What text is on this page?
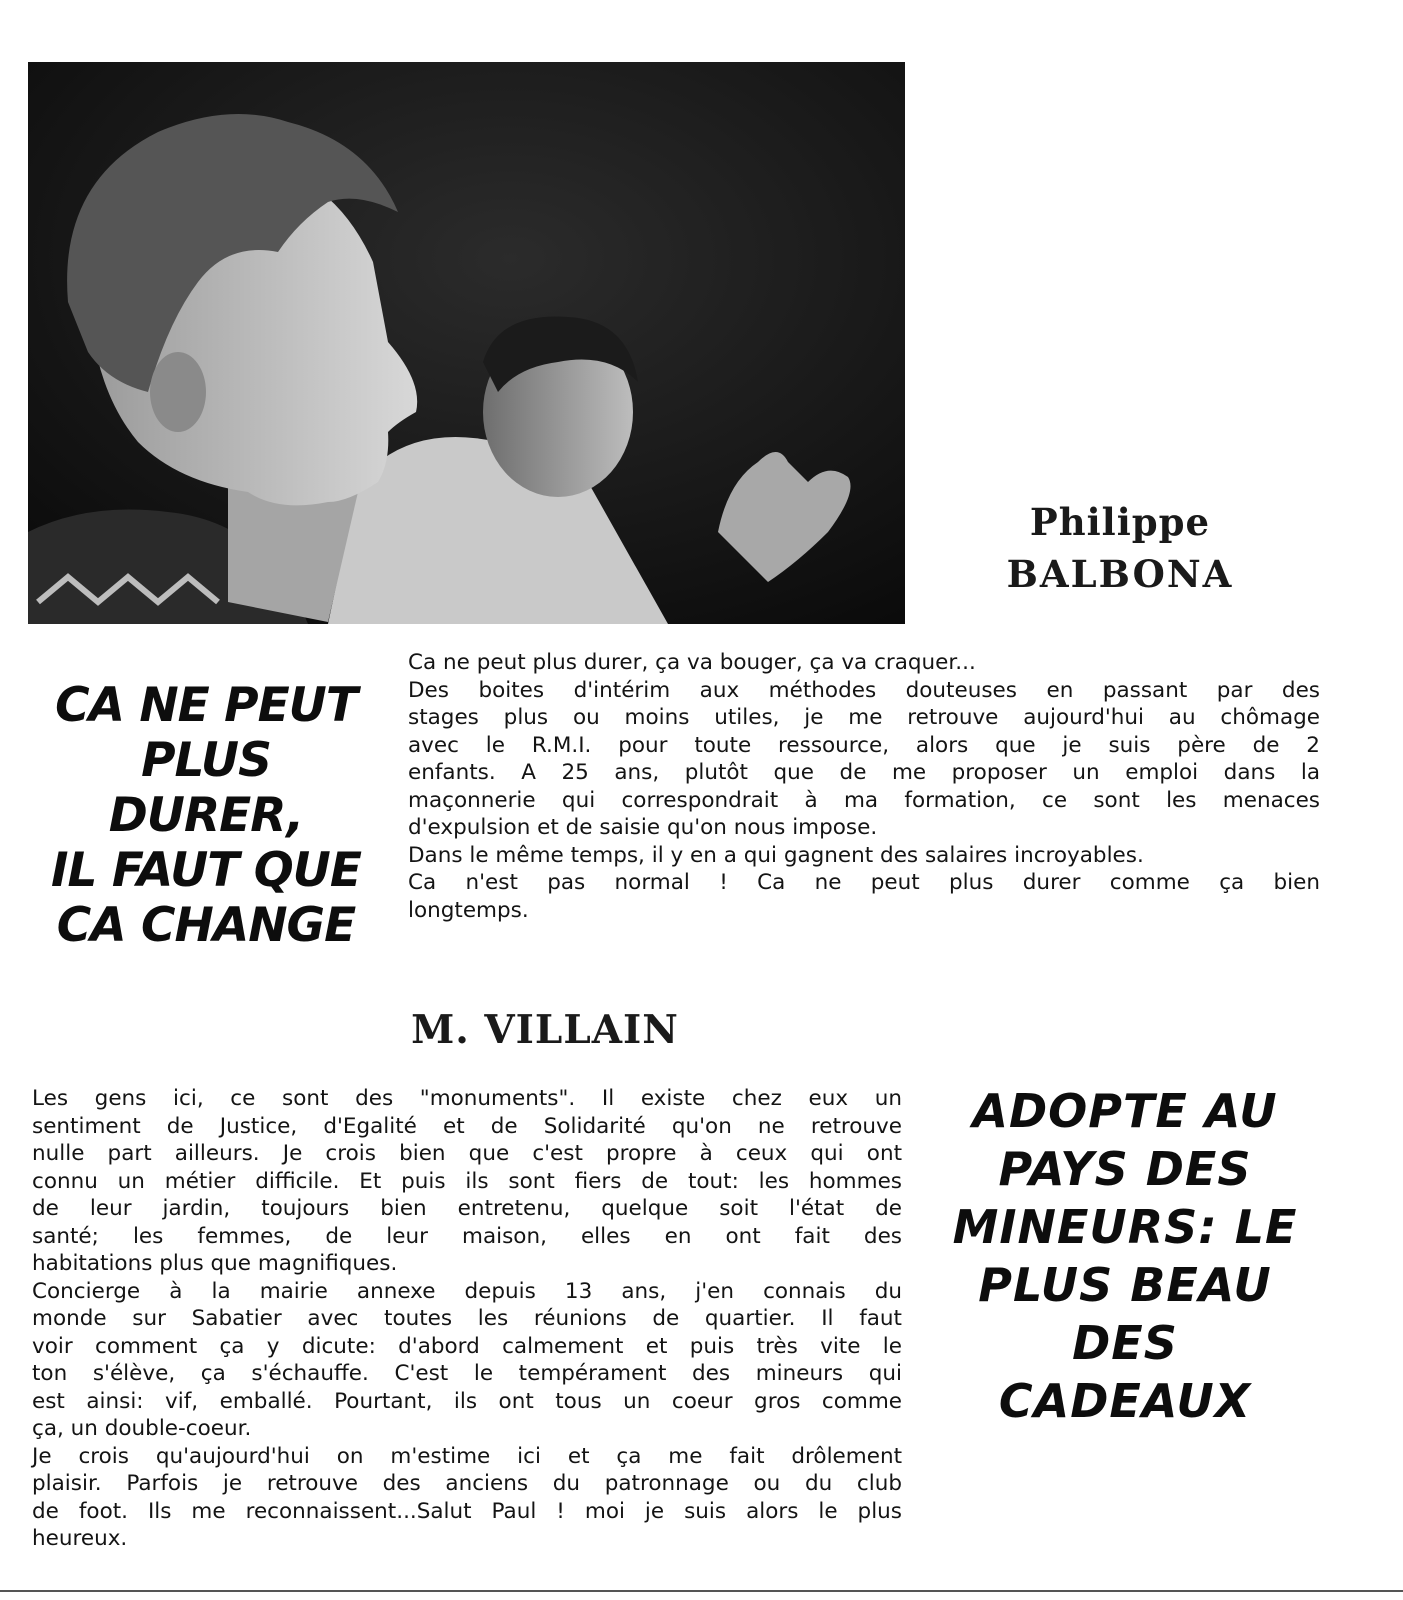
Philippe
BALBONA
CA NE PEUT
PLUS
DURER,
IL FAUT QUE
CA CHANGE
Ca ne peut plus durer, ça va bouger, ça va craquer...
Des boites d'intérim aux méthodes douteuses en passant par des
stages plus ou moins utiles, je me retrouve aujourd'hui au chômage
avec le R.M.I. pour toute ressource, alors que je suis père de 2
enfants. A 25 ans, plutôt que de me proposer un emploi dans la
maçonnerie qui correspondrait à ma formation, ce sont les menaces
d'expulsion et de saisie qu'on nous impose.
Dans le même temps, il y en a qui gagnent des salaires incroyables.
Ca n'est pas normal ! Ca ne peut plus durer comme ça bien
longtemps.
M. VILLAIN
Les gens ici, ce sont des "monuments". Il existe chez eux un
sentiment de Justice, d'Egalité et de Solidarité qu'on ne retrouve
nulle part ailleurs. Je crois bien que c'est propre à ceux qui ont
connu un métier difficile. Et puis ils sont fiers de tout: les hommes
de leur jardin, toujours bien entretenu, quelque soit l'état de
santé; les femmes, de leur maison, elles en ont fait des
habitations plus que magnifiques.
Concierge à la mairie annexe depuis 13 ans, j'en connais du
monde sur Sabatier avec toutes les réunions de quartier. Il faut
voir comment ça y dicute: d'abord calmement et puis très vite le
ton s'élève, ça s'échauffe. C'est le tempérament des mineurs qui
est ainsi: vif, emballé. Pourtant, ils ont tous un coeur gros comme
ça, un double-coeur.
Je crois qu'aujourd'hui on m'estime ici et ça me fait drôlement
plaisir. Parfois je retrouve des anciens du patronnage ou du club
de foot. Ils me reconnaissent...Salut Paul ! moi je suis alors le plus
heureux.
ADOPTE AU
PAYS DES
MINEURS: LE
PLUS BEAU
DES
CADEAUX
